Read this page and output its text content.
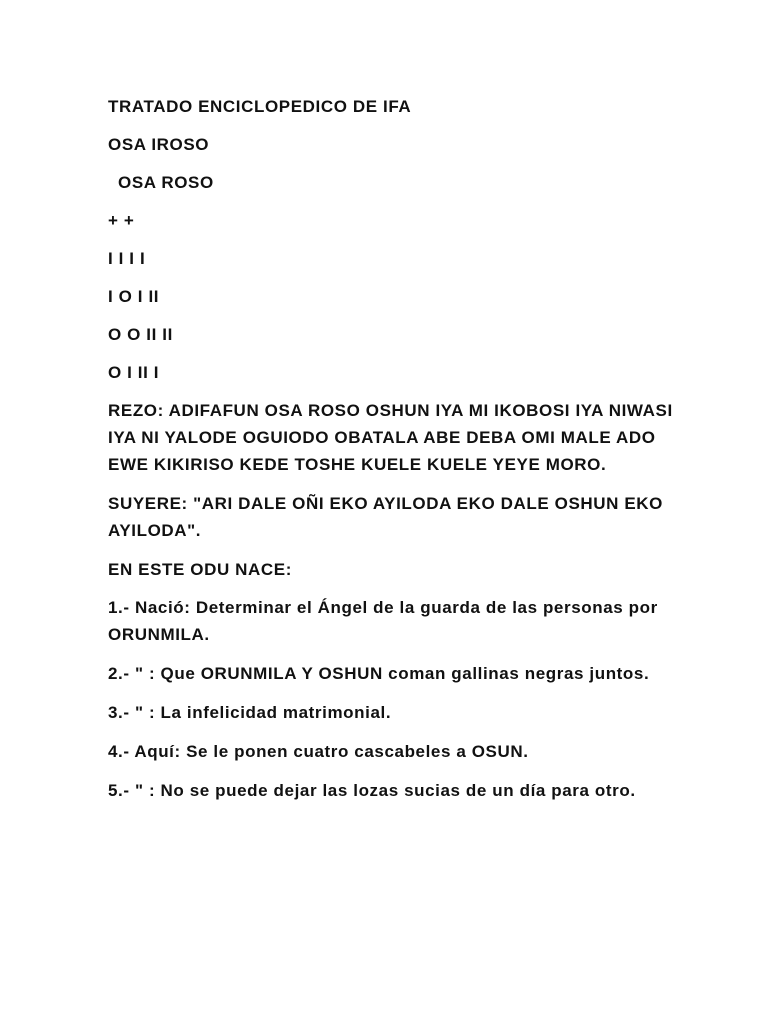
TRATADO ENCICLOPEDICO DE IFA

OSA IROSO

OSA ROSO

+ +

I I I I

I O I II

O O II II

O I II I

REZO: ADIFAFUN OSA ROSO OSHUN IYA MI IKOBOSI IYA NIWASI IYA NI YALODE OGUIODO OBATALA ABE DEBA OMI MALE ADO EWE KIKIRISO KEDE TOSHE KUELE KUELE YEYE MORO.

SUYERE: "ARI DALE OÑI EKO AYILODA EKO DALE OSHUN EKO AYILODA".

EN ESTE ODU NACE:

1.- Nació: Determinar el Ángel de la guarda de las personas por ORUNMILA.

2.- " : Que ORUNMILA Y OSHUN coman gallinas negras juntos.

3.- " : La infelicidad matrimonial.

4.- Aquí: Se le ponen cuatro cascabeles a OSUN.

5.- " : No se puede dejar las lozas sucias de un día para otro.
